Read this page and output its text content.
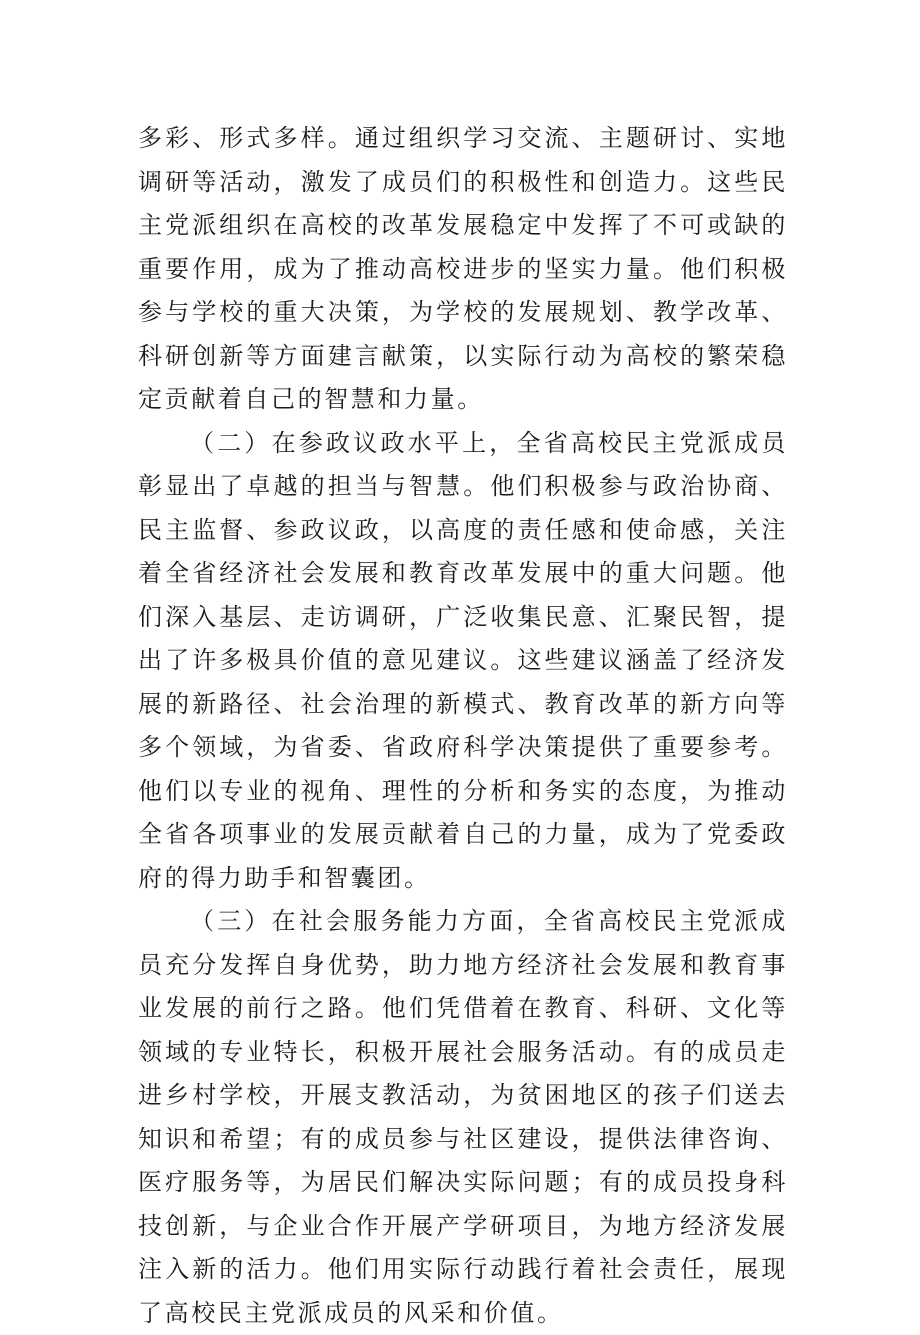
多彩、形式多样。通过组织学习交流、主题研讨、实地调研等活动，激发了成员们的积极性和创造力。这些民主党派组织在高校的改革发展稳定中发挥了不可或缺的重要作用，成为了推动高校进步的坚实力量。他们积极参与学校的重大决策，为学校的发展规划、教学改革、科研创新等方面建言献策，以实际行动为高校的繁荣稳定贡献着自己的智慧和力量。

（二）在参政议政水平上，全省高校民主党派成员彰显出了卓越的担当与智慧。他们积极参与政治协商、民主监督、参政议政，以高度的责任感和使命感，关注着全省经济社会发展和教育改革发展中的重大问题。他们深入基层、走访调研，广泛收集民意、汇聚民智，提出了许多极具价值的意见建议。这些建议涵盖了经济发展的新路径、社会治理的新模式、教育改革的新方向等多个领域，为省委、省政府科学决策提供了重要参考。他们以专业的视角、理性的分析和务实的态度，为推动全省各项事业的发展贡献着自己的力量，成为了党委政府的得力助手和智囊团。

（三）在社会服务能力方面，全省高校民主党派成员充分发挥自身优势，助力地方经济社会发展和教育事业发展的前行之路。他们凭借着在教育、科研、文化等领域的专业特长，积极开展社会服务活动。有的成员走进乡村学校，开展支教活动，为贫困地区的孩子们送去知识和希望；有的成员参与社区建设，提供法律咨询、医疗服务等，为居民们解决实际问题；有的成员投身科技创新，与企业合作开展产学研项目，为地方经济发展注入新的活力。他们用实际行动践行着社会责任，展现了高校民主党派成员的风采和价值。
